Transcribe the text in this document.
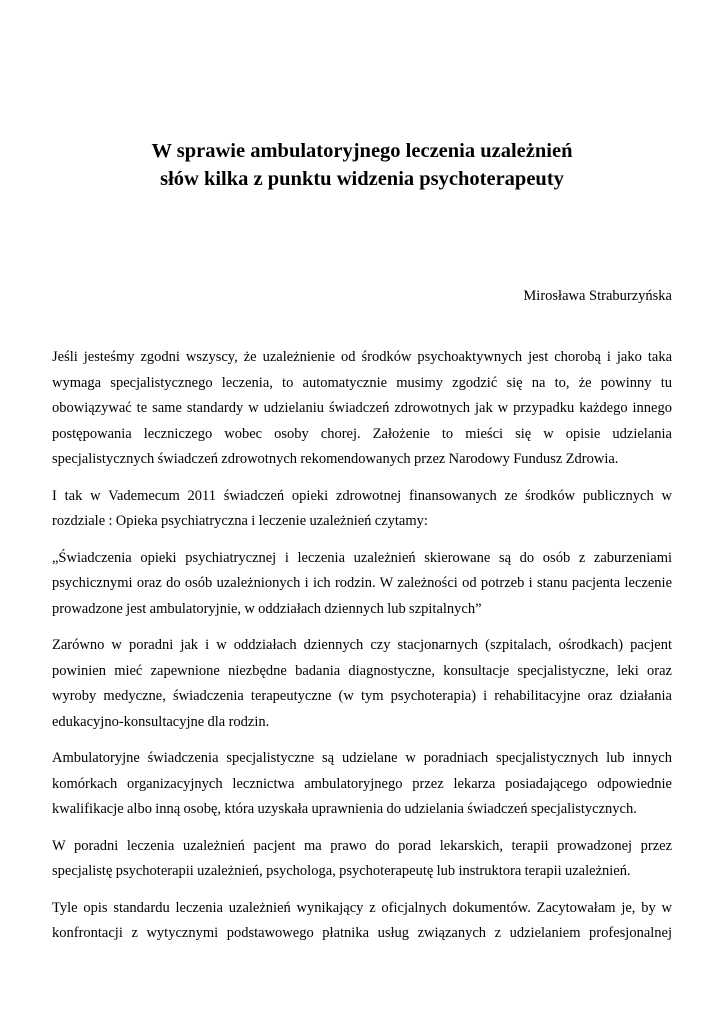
W sprawie ambulatoryjnego leczenia uzależnień
słów kilka z punktu widzenia psychoterapeuty
Mirosława Straburzyńska

Jeśli jesteśmy zgodni wszyscy, że uzależnienie od środków psychoaktywnych jest chorobą i jako taka wymaga specjalistycznego leczenia, to automatycznie musimy zgodzić się na to, że powinny tu obowiązywać te same standardy w udzielaniu świadczeń zdrowotnych jak w przypadku każdego innego postępowania leczniczego wobec osoby chorej. Założenie to mieści się w opisie udzielania specjalistycznych świadczeń zdrowotnych rekomendowanych przez Narodowy Fundusz Zdrowia.

I tak w Vademecum 2011 świadczeń opieki zdrowotnej finansowanych ze środków publicznych w rozdziale : Opieka psychiatryczna i leczenie uzależnień czytamy:

„Świadczenia opieki psychiatrycznej i leczenia uzależnień skierowane są do osób z zaburzeniami psychicznymi oraz do osób uzależnionych i ich rodzin. W zależności od potrzeb i stanu pacjenta leczenie prowadzone jest ambulatoryjnie, w oddziałach dziennych lub szpitalnych”

Zarówno w poradni jak i w oddziałach dziennych czy stacjonarnych (szpitalach, ośrodkach) pacjent powinien mieć zapewnione niezbędne badania diagnostyczne, konsultacje specjalistyczne, leki oraz wyroby medyczne, świadczenia terapeutyczne (w tym psychoterapia) i rehabilitacyjne oraz działania edukacyjno-konsultacyjne dla rodzin.

Ambulatoryjne świadczenia specjalistyczne są udzielane w poradniach specjalistycznych lub innych komórkach organizacyjnych lecznictwa ambulatoryjnego przez lekarza posiadającego odpowiednie kwalifikacje albo inną osobę, która uzyskała uprawnienia do udzielania świadczeń specjalistycznych.

W poradni leczenia uzależnień pacjent ma prawo do porad lekarskich, terapii prowadzonej przez specjalistę psychoterapii uzależnień, psychologa, psychoterapeutę lub instruktora terapii uzależnień.

Tyle opis standardu leczenia uzależnień wynikający z oficjalnych dokumentów. Zacytowałam je, by w konfrontacji z wytycznymi podstawowego płatnika usług związanych z udzielaniem profesjonalnej
